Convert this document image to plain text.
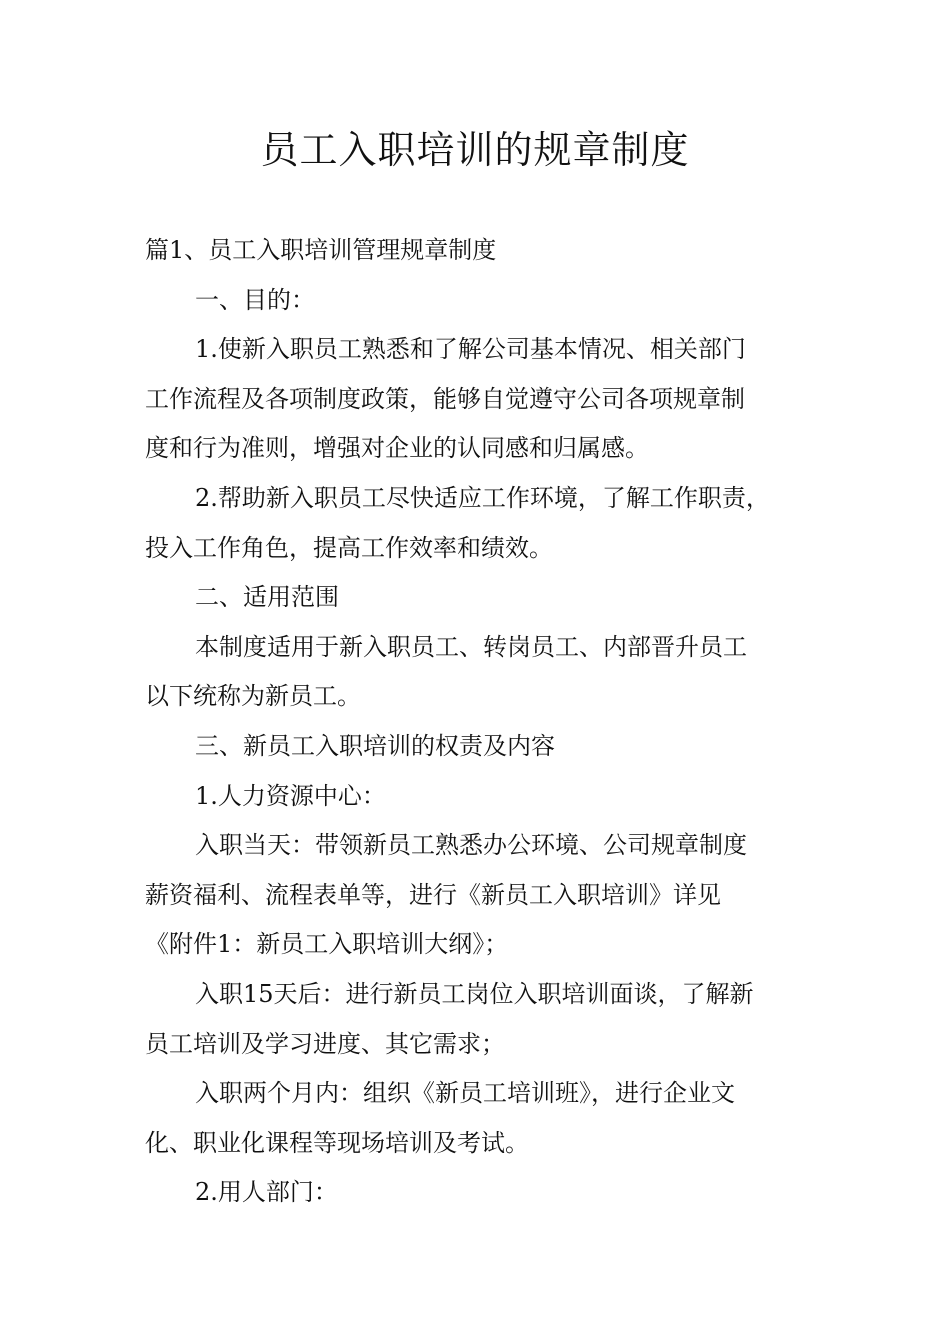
员工入职培训的规章制度
篇1、员工入职培训管理规章制度
一、目的：
1.使新入职员工熟悉和了解公司基本情况、相关部门
工作流程及各项制度政策，能够自觉遵守公司各项规章制
度和行为准则，增强对企业的认同感和归属感。
2.帮助新入职员工尽快适应工作环境，了解工作职责，
投入工作角色，提高工作效率和绩效。
二、适用范围
本制度适用于新入职员工、转岗员工、内部晋升员工
以下统称为新员工。
三、新员工入职培训的权责及内容
1.人力资源中心：
入职当天：带领新员工熟悉办公环境、公司规章制度
薪资福利、流程表单等，进行《新员工入职培训》详见
《附件1：新员工入职培训大纲》；
入职15天后：进行新员工岗位入职培训面谈，了解新
员工培训及学习进度、其它需求；
入职两个月内：组织《新员工培训班》，进行企业文
化、职业化课程等现场培训及考试。
2.用人部门：
